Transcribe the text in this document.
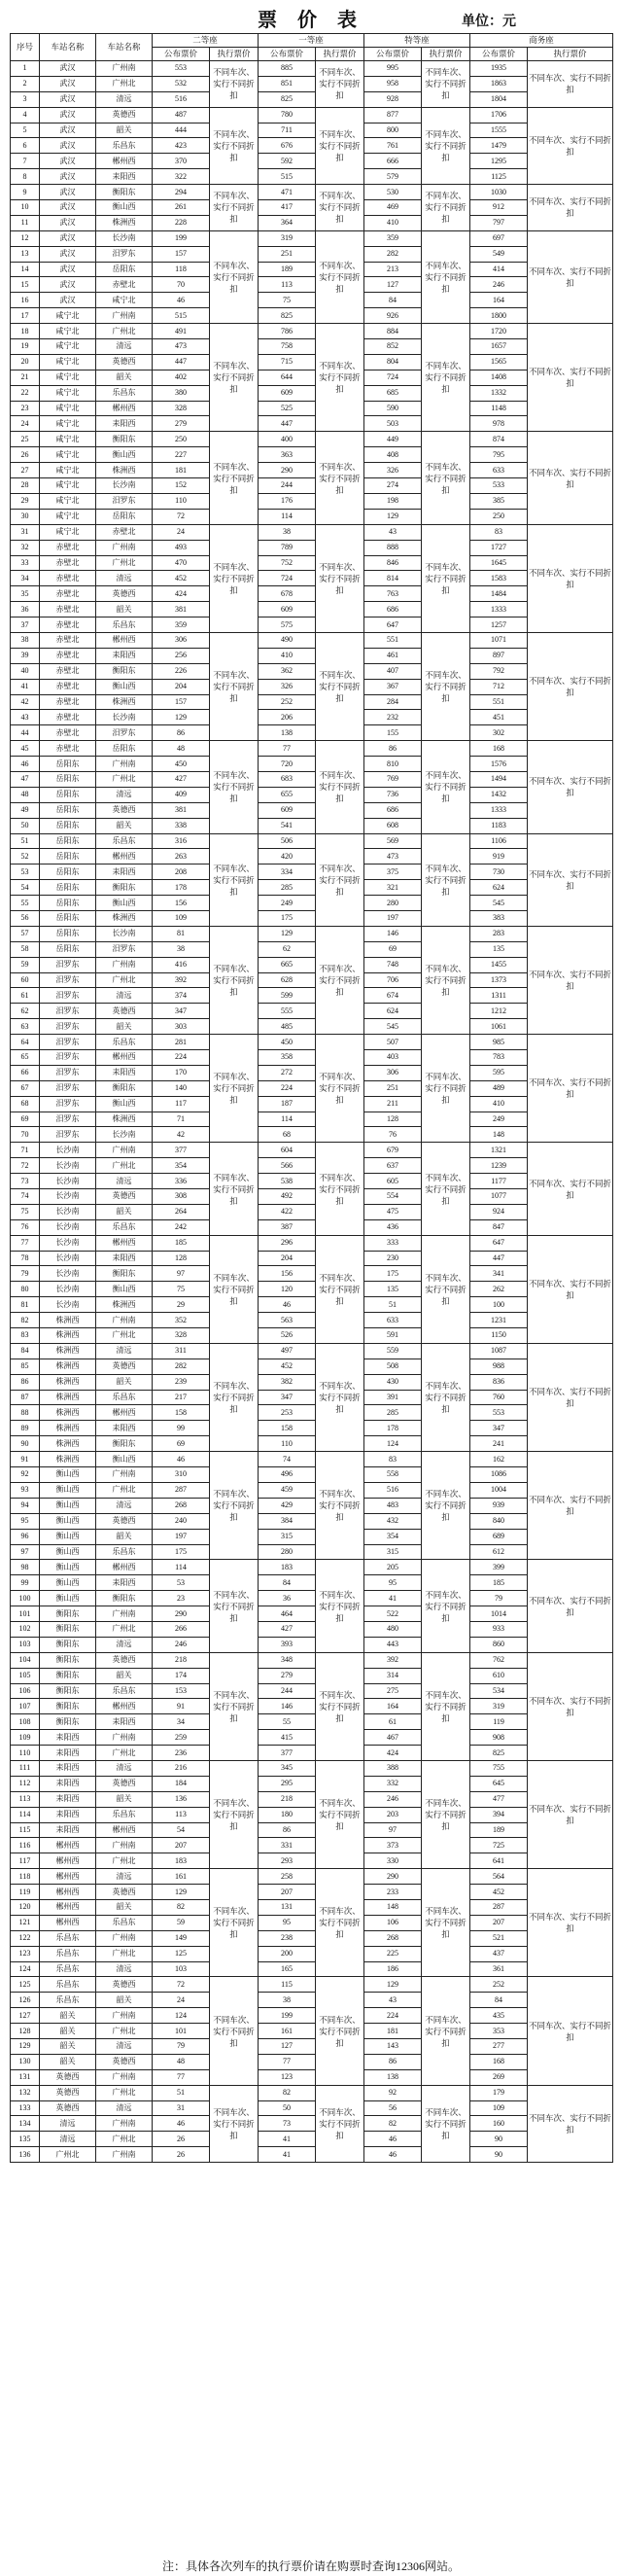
票 价 表	单位：元
序号	车站名称	车站名称	二等座		一等座		特等座		商务座	
			公布票价	执行票价	公布票价	执行票价	公布票价	执行票价	公布票价	执行票价
1	武汉	广州南	553	不同车次、实行不同折扣	885	不同车次、实行不同折扣	995	不同车次、实行不同折扣	1935	不同车次、实行不同折扣
2	武汉	广州北	532		851		958		1863	
3	武汉	清远	516		825		928		1804	
4	武汉	英德西	487	不同车次、实行不同折扣	780	不同车次、实行不同折扣	877	不同车次、实行不同折扣	1706	不同车次、实行不同折扣
5	武汉	韶关	444		711		800		1555	
6	武汉	乐昌东	423		676		761		1479	
7	武汉	郴州西	370		592		666		1295	
8	武汉	耒阳西	322		515		579		1125	
9	武汉	衡阳东	294	不同车次、实行不同折扣	471	不同车次、实行不同折扣	530	不同车次、实行不同折扣	1030	不同车次、实行不同折扣
10	武汉	衡山西	261		417		469		912	
11	武汉	株洲西	228		364		410		797	
12	武汉	长沙南	199	不同车次、实行不同折扣	319	不同车次、实行不同折扣	359	不同车次、实行不同折扣	697	不同车次、实行不同折扣
13	武汉	汨罗东	157		251		282		549	
14	武汉	岳阳东	118		189		213		414	
15	武汉	赤壁北	70		113		127		246	
16	武汉	咸宁北	46		75		84		164	
17	咸宁北	广州南	515		825		926		1800	
18	咸宁北	广州北	491	不同车次、实行不同折扣	786	不同车次、实行不同折扣	884	不同车次、实行不同折扣	1720	不同车次、实行不同折扣
19	咸宁北	清远	473		758		852		1657	
20	咸宁北	英德西	447		715		804		1565	
21	咸宁北	韶关	402		644		724		1408	
22	咸宁北	乐昌东	380		609		685		1332	
23	咸宁北	郴州西	328		525		590		1148	
24	咸宁北	耒阳西	279		447		503		978	
25	咸宁北	衡阳东	250	不同车次、实行不同折扣	400	不同车次、实行不同折扣	449	不同车次、实行不同折扣	874	不同车次、实行不同折扣
26	咸宁北	衡山西	227		363		408		795	
27	咸宁北	株洲西	181		290		326		633	
28	咸宁北	长沙南	152		244		274		533	
29	咸宁北	汨罗东	110		176		198		385	
30	咸宁北	岳阳东	72		114		129		250	
31	咸宁北	赤壁北	24	不同车次、实行不同折扣	38	不同车次、实行不同折扣	43	不同车次、实行不同折扣	83	不同车次、实行不同折扣
32	赤壁北	广州南	493		789		888		1727	
33	赤壁北	广州北	470		752		846		1645	
34	赤壁北	清远	452		724		814		1583	
35	赤壁北	英德西	424		678		763		1484	
36	赤壁北	韶关	381		609		686		1333	
37	赤壁北	乐昌东	359		575		647		1257	
38	赤壁北	郴州西	306	不同车次、实行不同折扣	490	不同车次、实行不同折扣	551	不同车次、实行不同折扣	1071	不同车次、实行不同折扣
39	赤壁北	耒阳西	256		410		461		897	
40	赤壁北	衡阳东	226		362		407		792	
41	赤壁北	衡山西	204		326		367		712	
42	赤壁北	株洲西	157		252		284		551	
43	赤壁北	长沙南	129		206		232		451	
44	赤壁北	汨罗东	86		138		155		302	
45	赤壁北	岳阳东	48	不同车次、实行不同折扣	77	不同车次、实行不同折扣	86	不同车次、实行不同折扣	168	不同车次、实行不同折扣
46	岳阳东	广州南	450		720		810		1576	
47	岳阳东	广州北	427		683		769		1494	
48	岳阳东	清远	409		655		736		1432	
49	岳阳东	英德西	381		609		686		1333	
50	岳阳东	韶关	338		541		608		1183	
51	岳阳东	乐昌东	316	不同车次、实行不同折扣	506	不同车次、实行不同折扣	569	不同车次、实行不同折扣	1106	不同车次、实行不同折扣
52	岳阳东	郴州西	263		420		473		919	
53	岳阳东	耒阳西	208		334		375		730	
54	岳阳东	衡阳东	178		285		321		624	
55	岳阳东	衡山西	156		249		280		545	
56	岳阳东	株洲西	109		175		197		383	
57	岳阳东	长沙南	81	不同车次、实行不同折扣	129	不同车次、实行不同折扣	146	不同车次、实行不同折扣	283	不同车次、实行不同折扣
58	岳阳东	汨罗东	38		62		69		135	
59	汨罗东	广州南	416		665		748		1455	
60	汨罗东	广州北	392		628		706		1373	
61	汨罗东	清远	374		599		674		1311	
62	汨罗东	英德西	347		555		624		1212	
63	汨罗东	韶关	303		485		545		1061	
64	汨罗东	乐昌东	281	不同车次、实行不同折扣	450	不同车次、实行不同折扣	507	不同车次、实行不同折扣	985	不同车次、实行不同折扣
65	汨罗东	郴州西	224		358		403		783	
66	汨罗东	耒阳西	170		272		306		595	
67	汨罗东	衡阳东	140		224		251		489	
68	汨罗东	衡山西	117		187		211		410	
69	汨罗东	株洲西	71		114		128		249	
70	汨罗东	长沙南	42		68		76		148	
71	长沙南	广州南	377	不同车次、实行不同折扣	604	不同车次、实行不同折扣	679	不同车次、实行不同折扣	1321	不同车次、实行不同折扣
72	长沙南	广州北	354		566		637		1239	
73	长沙南	清远	336		538		605		1177	
74	长沙南	英德西	308		492		554		1077	
75	长沙南	韶关	264		422		475		924	
76	长沙南	乐昌东	242		387		436		847	
77	长沙南	郴州西	185	不同车次、实行不同折扣	296	不同车次、实行不同折扣	333	不同车次、实行不同折扣	647	不同车次、实行不同折扣
78	长沙南	耒阳西	128		204		230		447	
79	长沙南	衡阳东	97		156		175		341	
80	长沙南	衡山西	75		120		135		262	
81	长沙南	株洲西	29		46		51		100	
82	株洲西	广州南	352		563		633		1231	
83	株洲西	广州北	328		526		591		1150	
84	株洲西	清远	311	不同车次、实行不同折扣	497	不同车次、实行不同折扣	559	不同车次、实行不同折扣	1087	不同车次、实行不同折扣
85	株洲西	英德西	282		452		508		988	
86	株洲西	韶关	239		382		430		836	
87	株洲西	乐昌东	217		347		391		760	
88	株洲西	郴州西	158		253		285		553	
89	株洲西	耒阳西	99		158		178		347	
90	株洲西	衡阳东	69		110		124		241	
91	株洲西	衡山西	46	不同车次、实行不同折扣	74	不同车次、实行不同折扣	83	不同车次、实行不同折扣	162	不同车次、实行不同折扣
92	衡山西	广州南	310		496		558		1086	
93	衡山西	广州北	287		459		516		1004	
94	衡山西	清远	268		429		483		939	
95	衡山西	英德西	240		384		432		840	
96	衡山西	韶关	197		315		354		689	
97	衡山西	乐昌东	175		280		315		612	
98	衡山西	郴州西	114	不同车次、实行不同折扣	183	不同车次、实行不同折扣	205	不同车次、实行不同折扣	399	不同车次、实行不同折扣
99	衡山西	耒阳西	53		84		95		185	
100	衡山西	衡阳东	23		36		41		79	
101	衡阳东	广州南	290		464		522		1014	
102	衡阳东	广州北	266		427		480		933	
103	衡阳东	清远	246		393		443		860	
104	衡阳东	英德西	218	不同车次、实行不同折扣	348	不同车次、实行不同折扣	392	不同车次、实行不同折扣	762	不同车次、实行不同折扣
105	衡阳东	韶关	174		279		314		610	
106	衡阳东	乐昌东	153		244		275		534	
107	衡阳东	郴州西	91		146		164		319	
108	衡阳东	耒阳西	34		55		61		119	
109	耒阳西	广州南	259		415		467		908	
110	耒阳西	广州北	236		377		424		825	
111	耒阳西	清远	216	不同车次、实行不同折扣	345	不同车次、实行不同折扣	388	不同车次、实行不同折扣	755	不同车次、实行不同折扣
112	耒阳西	英德西	184		295		332		645	
113	耒阳西	韶关	136		218		246		477	
114	耒阳西	乐昌东	113		180		203		394	
115	耒阳西	郴州西	54		86		97		189	
116	郴州西	广州南	207		331		373		725	
117	郴州西	广州北	183		293		330		641	
118	郴州西	清远	161	不同车次、实行不同折扣	258	不同车次、实行不同折扣	290	不同车次、实行不同折扣	564	不同车次、实行不同折扣
119	郴州西	英德西	129		207		233		452	
120	郴州西	韶关	82		131		148		287	
121	郴州西	乐昌东	59		95		106		207	
122	乐昌东	广州南	149		238		268		521	
123	乐昌东	广州北	125		200		225		437	
124	乐昌东	清远	103		165		186		361	
125	乐昌东	英德西	72	不同车次、实行不同折扣	115	不同车次、实行不同折扣	129	不同车次、实行不同折扣	252	不同车次、实行不同折扣
126	乐昌东	韶关	24		38		43		84	
127	韶关	广州南	124		199		224		435	
128	韶关	广州北	101		161		181		353	
129	韶关	清远	79		127		143		277	
130	韶关	英德西	48		77		86		168	
131	英德西	广州南	77		123		138		269	
132	英德西	广州北	51	不同车次、实行不同折扣	82	不同车次、实行不同折扣	92	不同车次、实行不同折扣	179	不同车次、实行不同折扣
133	英德西	清远	31		50		56		109	
134	清远	广州南	46		73		82		160	
135	清远	广州北	26		41		46		90	
136	广州北	广州南	26		41		46		90	
注：具体各次列车的执行票价请在购票时查询12306网站。
